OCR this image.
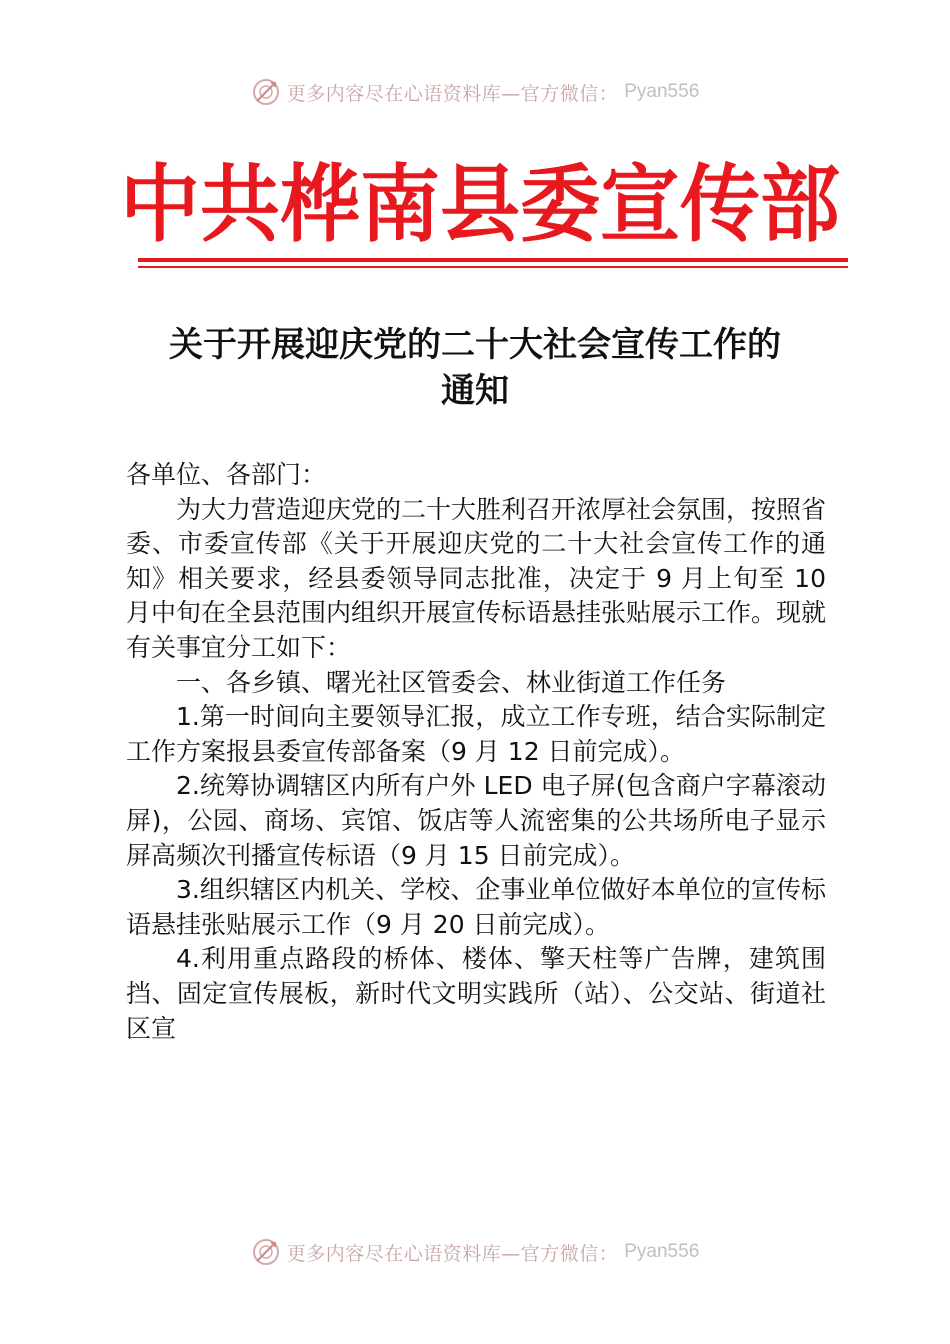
更多内容尽在心语资料库—官方微信： Pyan556
中 共 桦 南 县 委 宣 传 部
关于开展迎庆党的二十大社会宣传工作的
通知

各单位、各部门：

为大力营造迎庆党的二十大胜利召开浓厚社会氛围，按照省委、市委宣传部《关于开展迎庆党的二十大社会宣传工作的通知》相关要求，经县委领导同志批准，决定于 9 月上旬至 10 月中旬在全县范围内组织开展宣传标语悬挂张贴展示工作。现就有关事宜分工如下：

一、各乡镇、曙光社区管委会、林业街道工作任务

1.第一时间向主要领导汇报，成立工作专班，结合实际制定工作方案报县委宣传部备案（9 月 12 日前完成）。

2.统筹协调辖区内所有户外 LED 电子屏(包含商户字幕滚动屏)，公园、商场、宾馆、饭店等人流密集的公共场所电子显示屏高频次刊播宣传标语（9 月 15 日前完成）。

3.组织辖区内机关、学校、企事业单位做好本单位的宣传标语悬挂张贴展示工作（9 月 20 日前完成）。

4.利用重点路段的桥体、楼体、擎天柱等广告牌，建筑围挡、固定宣传展板，新时代文明实践所（站）、公交站、街道社区宣

更多内容尽在心语资料库—官方微信： Pyan556
